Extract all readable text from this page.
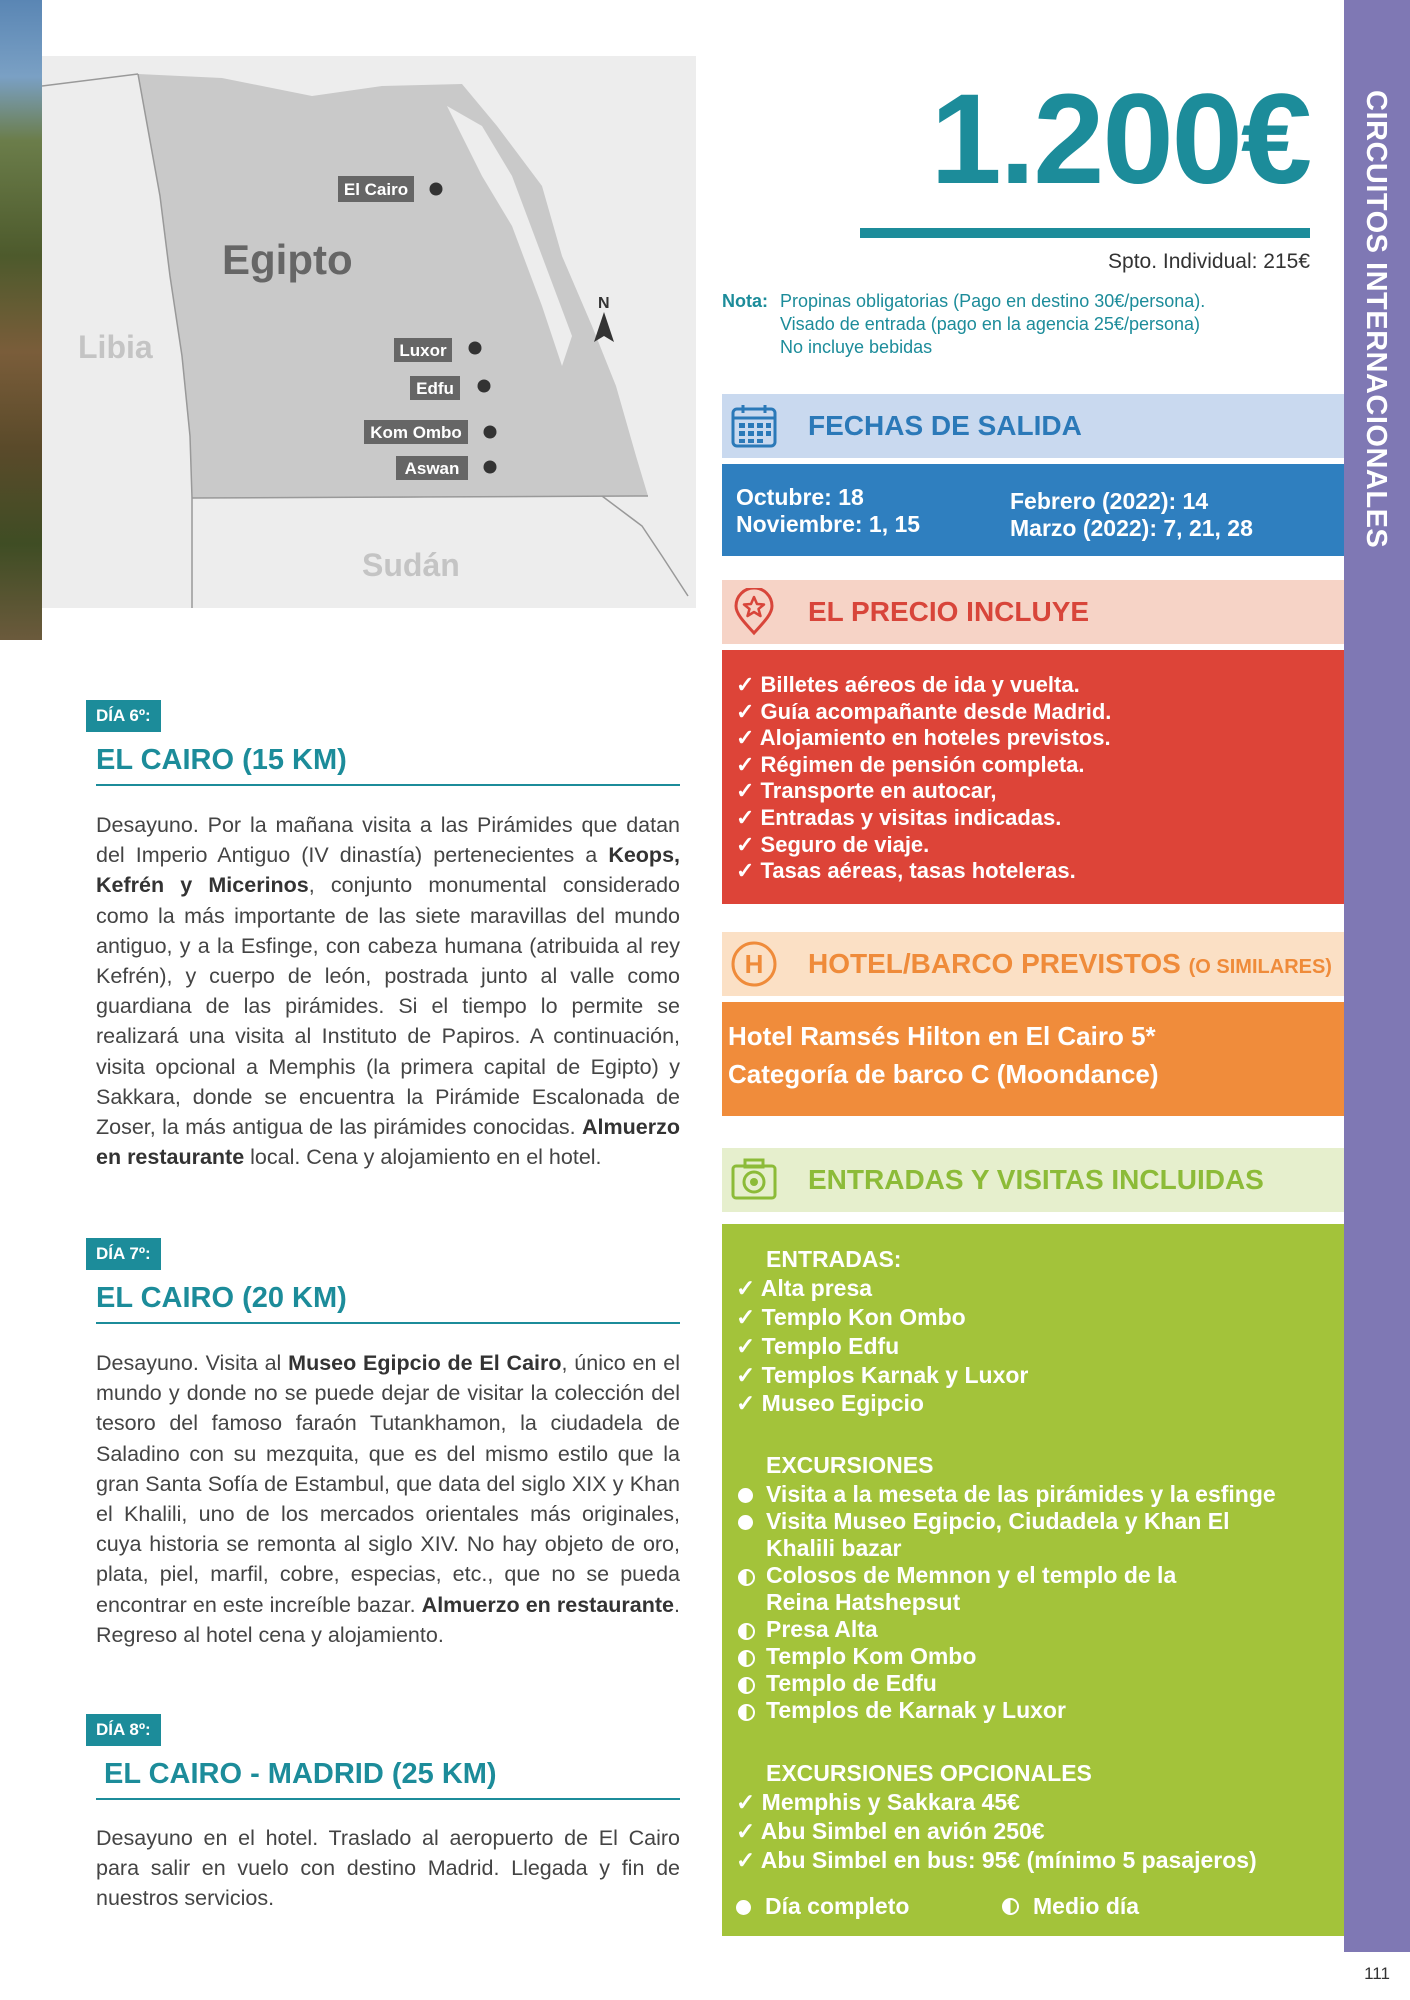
Egipto
Libia
Sudán
N
El Cairo
Luxor
Edfu
Kom Ombo
Aswan	CIRCUITOS INTERNACIONALES
111
1.200€
Spto. Individual: 215€
Nota: Propinas obligatorias (Pago en destino 30€/persona).
Visado de entrada (pago en la agencia 25€/persona)
No incluye bebidas
FECHAS DE SALIDA
Octubre: 18
Noviembre: 1, 15
Febrero (2022): 14
Marzo (2022): 7, 21, 28
EL PRECIO INCLUYE
✓ Billetes aéreos de ida y vuelta.
✓ Guía acompañante desde Madrid.
✓ Alojamiento en hoteles previstos.
✓ Régimen de pensión completa.
✓ Transporte en autocar,
✓ Entradas y visitas indicadas.
✓ Seguro de viaje.
✓ Tasas aéreas, tasas hoteleras.
H HOTEL/BARCO PREVISTOS (O SIMILARES)
Hotel Ramsés Hilton en El Cairo 5*
Categoría de barco C (Moondance)
ENTRADAS Y VISITAS INCLUIDAS
ENTRADAS:
✓ Alta presa
✓ Templo Kon Ombo
✓ Templo Edfu
✓ Templos Karnak y Luxor
✓ Museo Egipcio
EXCURSIONES
Visita a la meseta de las pirámides y la esfinge
Visita Museo Egipcio, Ciudadela y Khan El
Khalili bazar
Colosos de Memnon y el templo de la
Reina Hatshepsut
Presa Alta
Templo Kom Ombo
Templo de Edfu
Templos de Karnak y Luxor
EXCURSIONES OPCIONALES
✓ Memphis y Sakkara 45€
✓ Abu Simbel en avión 250€
✓ Abu Simbel en bus: 95€ (mínimo 5 pasajeros)
Día completo	Medio día
DÍA 6º:
EL CAIRO (15 KM)
Desayuno. Por la mañana visita a las Pirámides que datan del Imperio Antiguo (IV dinastía) pertenecientes a Keops, Kefrén y Micerinos, conjunto monumental considerado como la más importante de las siete maravillas del mundo antiguo, y a la Esfinge, con cabeza humana (atribuida al rey Kefrén), y cuerpo de león, postrada junto al valle como guardiana de las pirámides. Si el tiempo lo permite se realizará una visita al Instituto de Papiros. A continuación, visita opcional a Memphis (la primera capital de Egipto) y Sakkara, donde se encuentra la Pirámide Escalonada de Zoser, la más antigua de las pirámides conocidas. Almuerzo en restaurante local. Cena y alojamiento en el hotel.
DÍA 7º:
EL CAIRO (20 KM)
Desayuno. Visita al Museo Egipcio de El Cairo, único en el mundo y donde no se puede dejar de visitar la colección del tesoro del famoso faraón Tutankhamon, la ciudadela de Saladino con su mezquita, que es del mismo estilo que la gran Santa Sofía de Estambul, que data del siglo XIX y Khan el Khalili, uno de los mercados orientales más originales, cuya historia se remonta al siglo XIV. No hay objeto de oro, plata, piel, marfil, cobre, especias, etc., que no se pueda encontrar en este increíble bazar. Almuerzo en restaurante. Regreso al hotel cena y alojamiento.
DÍA 8º:
EL CAIRO - MADRID (25 KM)
Desayuno en el hotel. Traslado al aeropuerto de El Cairo para salir en vuelo con destino Madrid. Llegada y fin de nuestros servicios.
